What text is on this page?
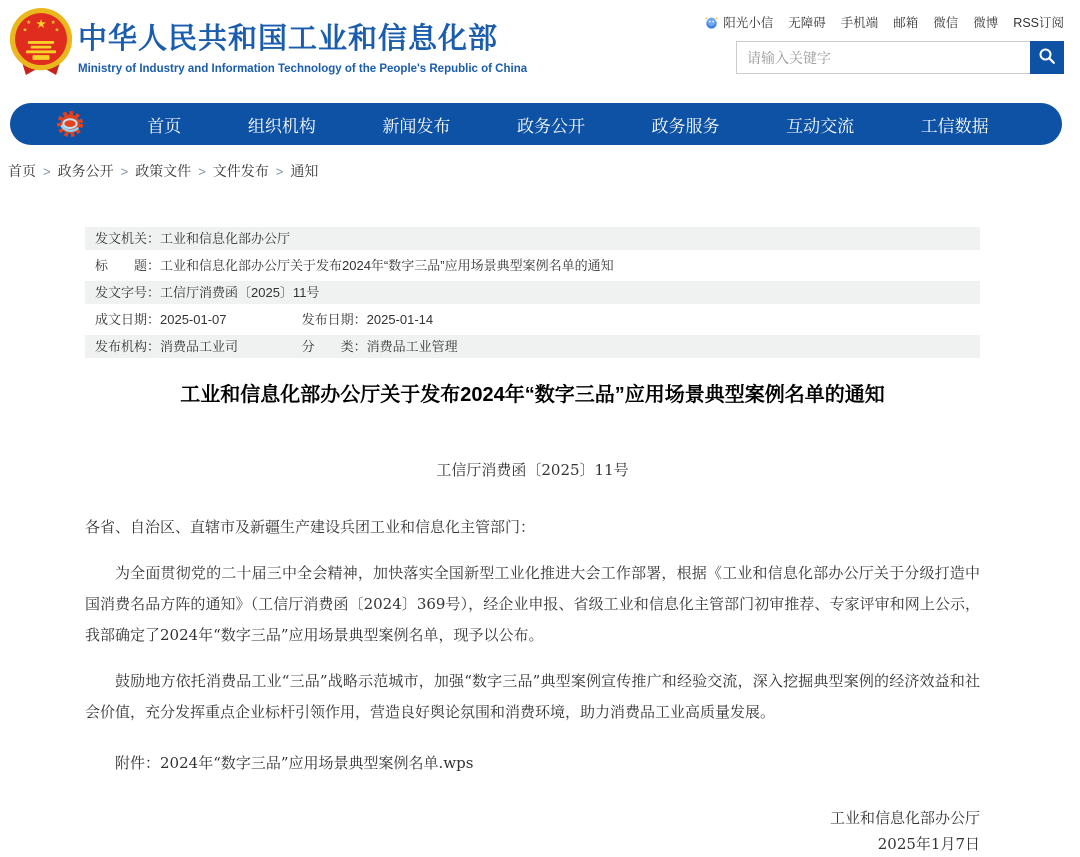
★
★	★
★	★ 中华人民共和国工业和信息化部
Ministry of Industry and Information Technology of the People's Republic of China
阳光小信 无障碍 手机端 邮箱 微信 微博 RSS订阅
请输入关键字
首页	组织机构	新闻发布	政务公开	政务服务	互动交流	工信数据
首页 > 政务公开 > 政策文件 > 文件发布 > 通知
发文机关：工业和信息化部办公厅
标　　题：工业和信息化部办公厅关于发布2024年“数字三品”应用场景典型案例名单的通知
发文字号：工信厅消费函〔2025〕11号
成文日期：2025-01-07	发布日期：2025-01-14
发布机构：消费品工业司	分　　类：消费品工业管理
工业和信息化部办公厅关于发布2024年“数字三品”应用场景典型案例名单的通知
工信厅消费函〔2025〕11号

各省、自治区、直辖市及新疆生产建设兵团工业和信息化主管部门：

为全面贯彻党的二十届三中全会精神，加快落实全国新型工业化推进大会工作部署，根据《工业和信息化部办公厅关于分级打造中国消费名品方阵的通知》（工信厅消费函〔2024〕369号），经企业申报、省级工业和信息化主管部门初审推荐、专家评审和网上公示，我部确定了2024年“数字三品”应用场景典型案例名单，现予以公布。

鼓励地方依托消费品工业“三品”战略示范城市，加强“数字三品”典型案例宣传推广和经验交流，深入挖掘典型案例的经济效益和社会价值，充分发挥重点企业标杆引领作用，营造良好舆论氛围和消费环境，助力消费品工业高质量发展。

附件：2024年“数字三品”应用场景典型案例名单.wps

工业和信息化部办公厅
2025年1月7日
